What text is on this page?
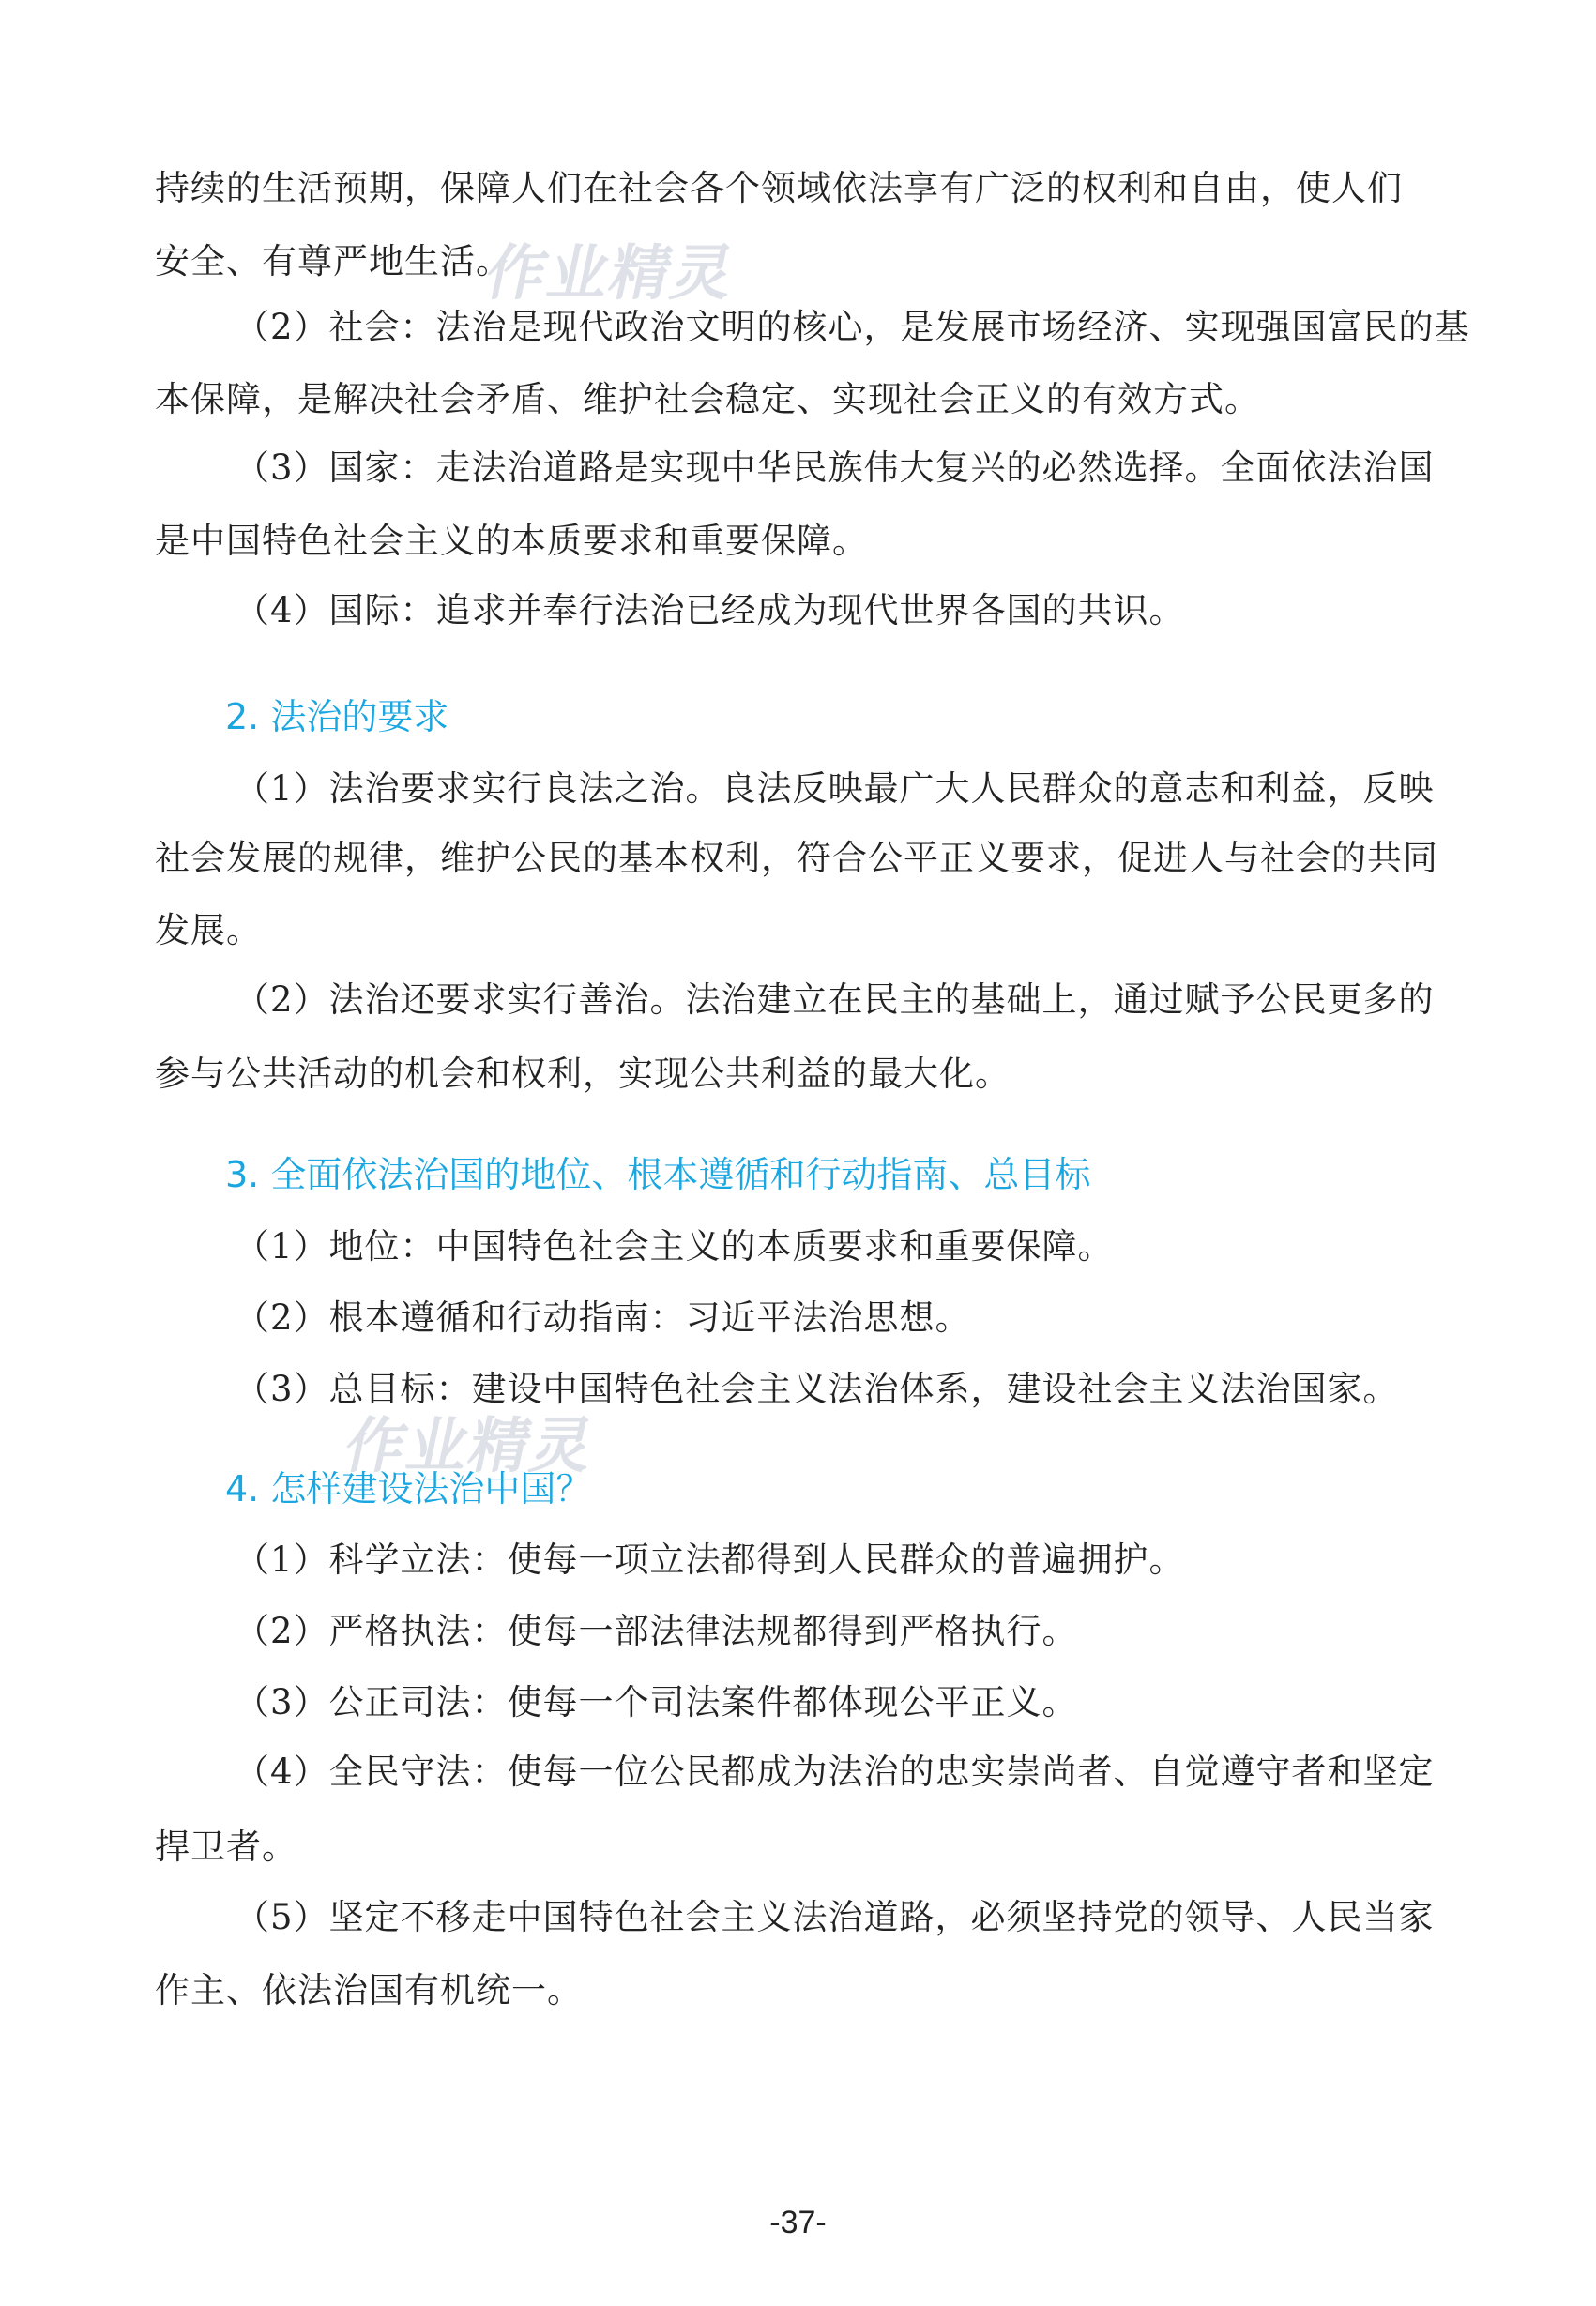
持续的生活预期，保障人们在社会各个领域依法享有广泛的权利和自由，使人们
安全、有尊严地生活。
（2）社会：法治是现代政治文明的核心，是发展市场经济、实现强国富民的基
本保障，是解决社会矛盾、维护社会稳定、实现社会正义的有效方式。
（3）国家：走法治道路是实现中华民族伟大复兴的必然选择。全面依法治国
是中国特色社会主义的本质要求和重要保障。
（4）国际：追求并奉行法治已经成为现代世界各国的共识。
2. 法治的要求
（1）法治要求实行良法之治。良法反映最广大人民群众的意志和利益，反映
社会发展的规律，维护公民的基本权利，符合公平正义要求，促进人与社会的共同
发展。
（2）法治还要求实行善治。法治建立在民主的基础上，通过赋予公民更多的
参与公共活动的机会和权利，实现公共利益的最大化。
3. 全面依法治国的地位、根本遵循和行动指南、总目标
（1）地位：中国特色社会主义的本质要求和重要保障。
（2）根本遵循和行动指南：习近平法治思想。
（3）总目标：建设中国特色社会主义法治体系，建设社会主义法治国家。
4. 怎样建设法治中国？
（1）科学立法：使每一项立法都得到人民群众的普遍拥护。
（2）严格执法：使每一部法律法规都得到严格执行。
（3）公正司法：使每一个司法案件都体现公平正义。
（4）全民守法：使每一位公民都成为法治的忠实崇尚者、自觉遵守者和坚定
捍卫者。
（5）坚定不移走中国特色社会主义法治道路，必须坚持党的领导、人民当家
作主、依法治国有机统一。
作业精灵
作业精灵
-37-
